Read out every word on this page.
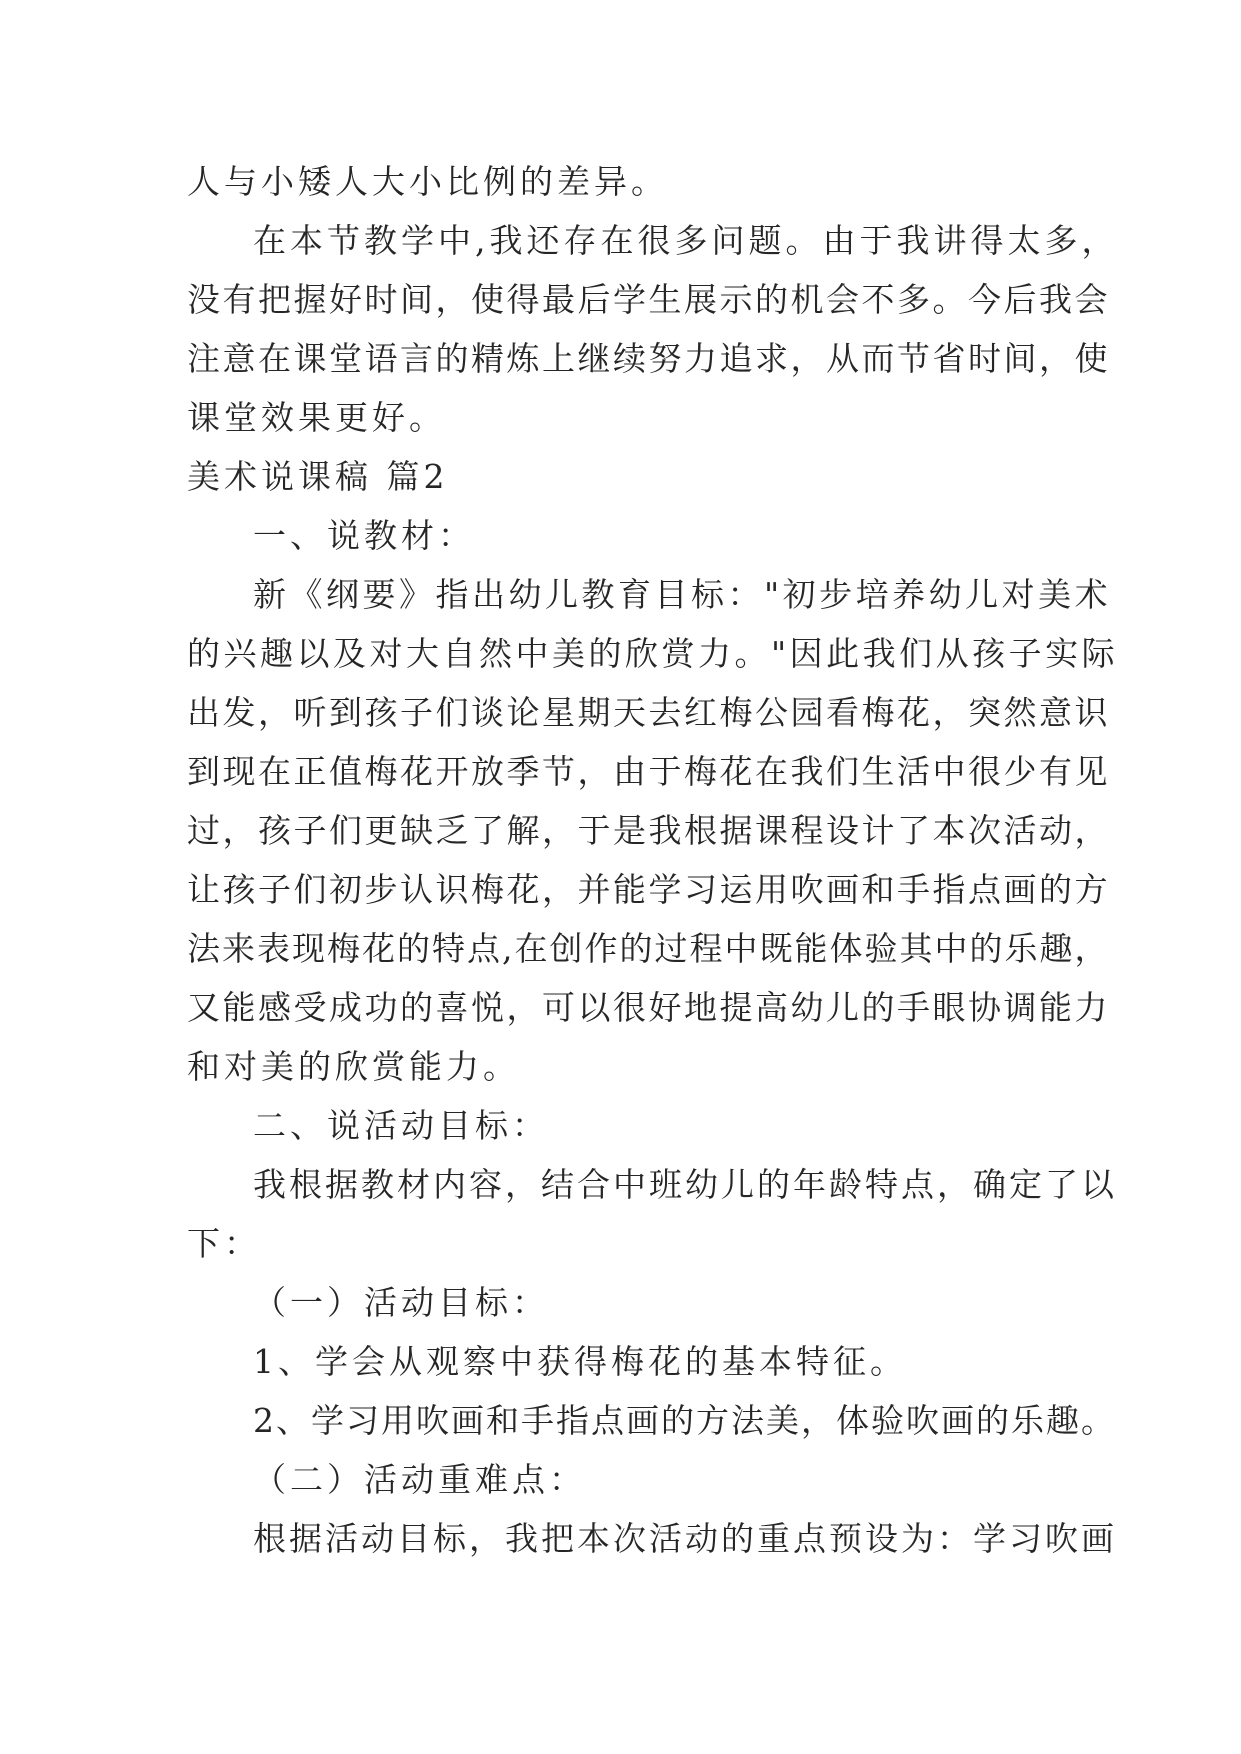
人与小矮人大小比例的差异。
在本节教学中,我还存在很多问题。由于我讲得太多，
没有把握好时间，使得最后学生展示的机会不多。今后我会
注意在课堂语言的精炼上继续努力追求，从而节省时间，使
课堂效果更好。
美术说课稿 篇2
一、说教材：
新《纲要》指出幼儿教育目标："初步培养幼儿对美术
的兴趣以及对大自然中美的欣赏力。"因此我们从孩子实际
出发，听到孩子们谈论星期天去红梅公园看梅花，突然意识
到现在正值梅花开放季节，由于梅花在我们生活中很少有见
过，孩子们更缺乏了解，于是我根据课程设计了本次活动，
让孩子们初步认识梅花，并能学习运用吹画和手指点画的方
法来表现梅花的特点,在创作的过程中既能体验其中的乐趣，
又能感受成功的喜悦，可以很好地提高幼儿的手眼协调能力
和对美的欣赏能力。
二、说活动目标：
我根据教材内容，结合中班幼儿的年龄特点，确定了以
下：
（一）活动目标：
1、学会从观察中获得梅花的基本特征。
2、学习用吹画和手指点画的方法美，体验吹画的乐趣。
（二）活动重难点：
根据活动目标，我把本次活动的重点预设为：学习吹画
